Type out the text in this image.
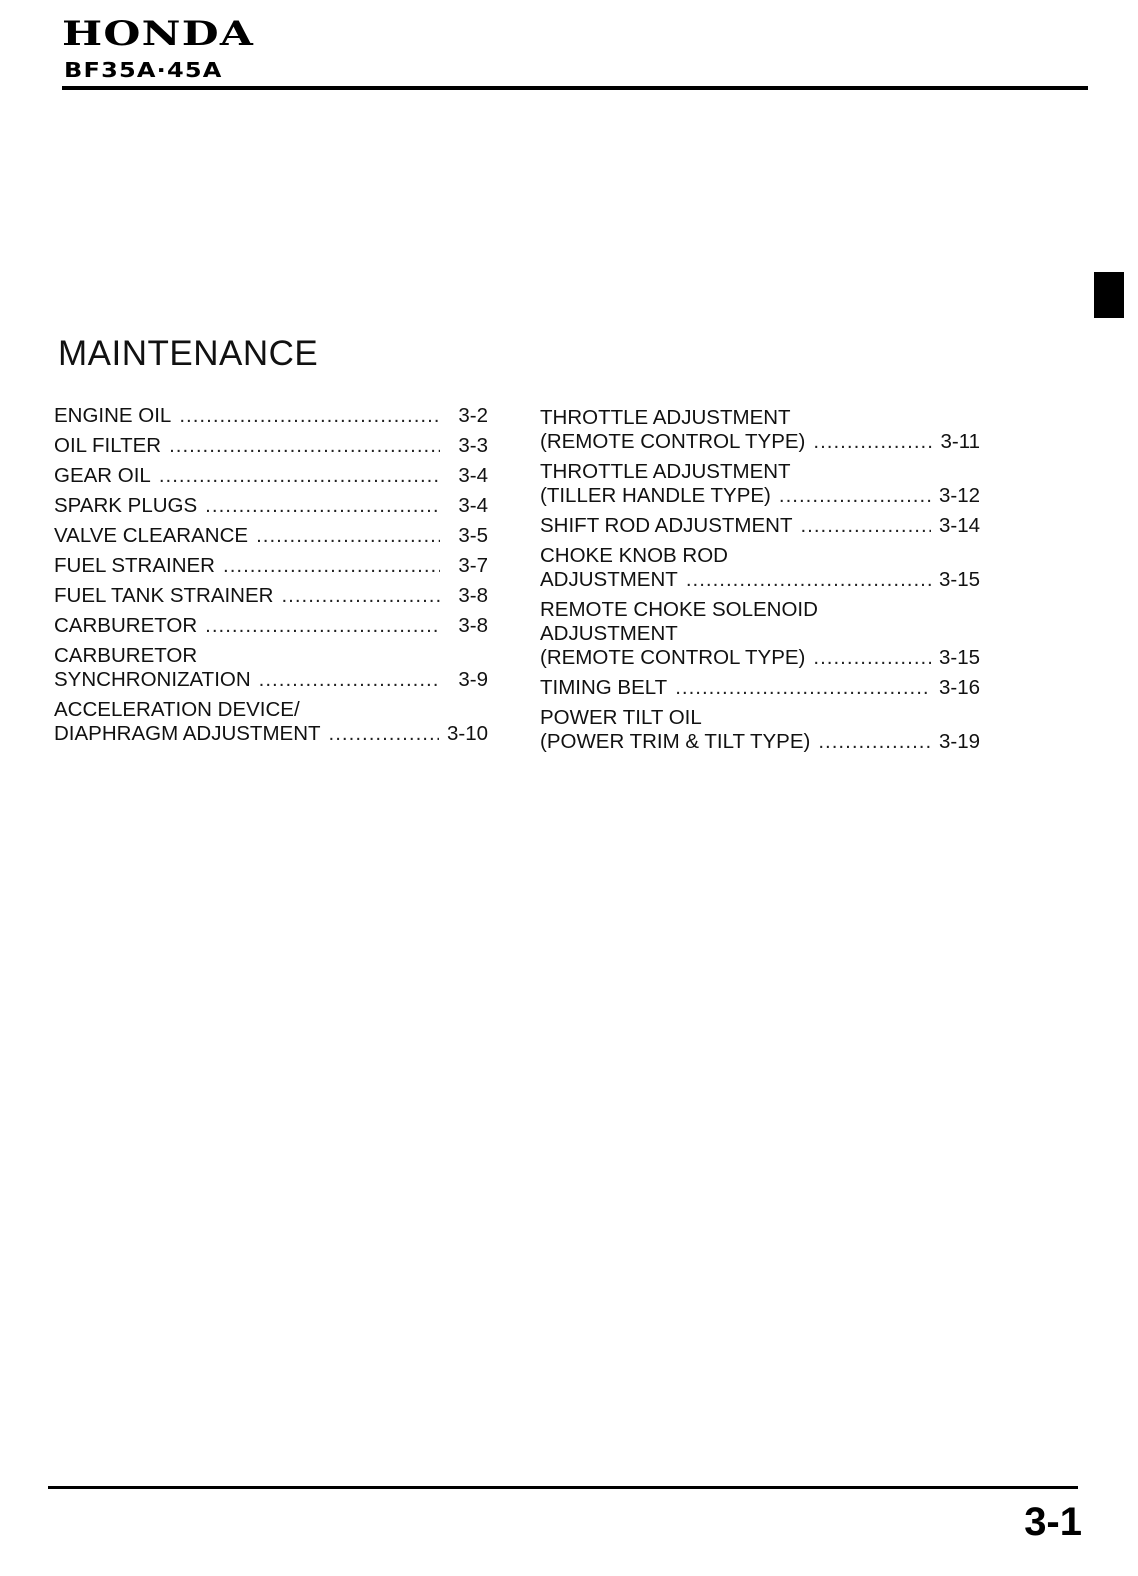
HONDA
BF35A·45A
MAINTENANCE
ENGINE OIL .....	3-2
OIL FILTER .....	3-3
GEAR OIL .....	3-4
SPARK PLUGS .....	3-4
VALVE CLEARANCE .....	3-5
FUEL STRAINER .....	3-7
FUEL TANK STRAINER .....	3-8
CARBURETOR .....	3-8
CARBURETOR
SYNCHRONIZATION .....	3-9
ACCELERATION DEVICE/
DIAPHRAGM ADJUSTMENT .....	3-10
THROTTLE ADJUSTMENT
(REMOTE CONTROL TYPE) .....	3-11
THROTTLE ADJUSTMENT
(TILLER HANDLE TYPE) .....	3-12
SHIFT ROD ADJUSTMENT .....	3-14
CHOKE KNOB ROD
ADJUSTMENT .....	3-15
REMOTE CHOKE SOLENOID
ADJUSTMENT
(REMOTE CONTROL TYPE) .....	3-15
TIMING BELT .....	3-16
POWER TILT OIL
(POWER TRIM & TILT TYPE) .....	3-19
3-1
